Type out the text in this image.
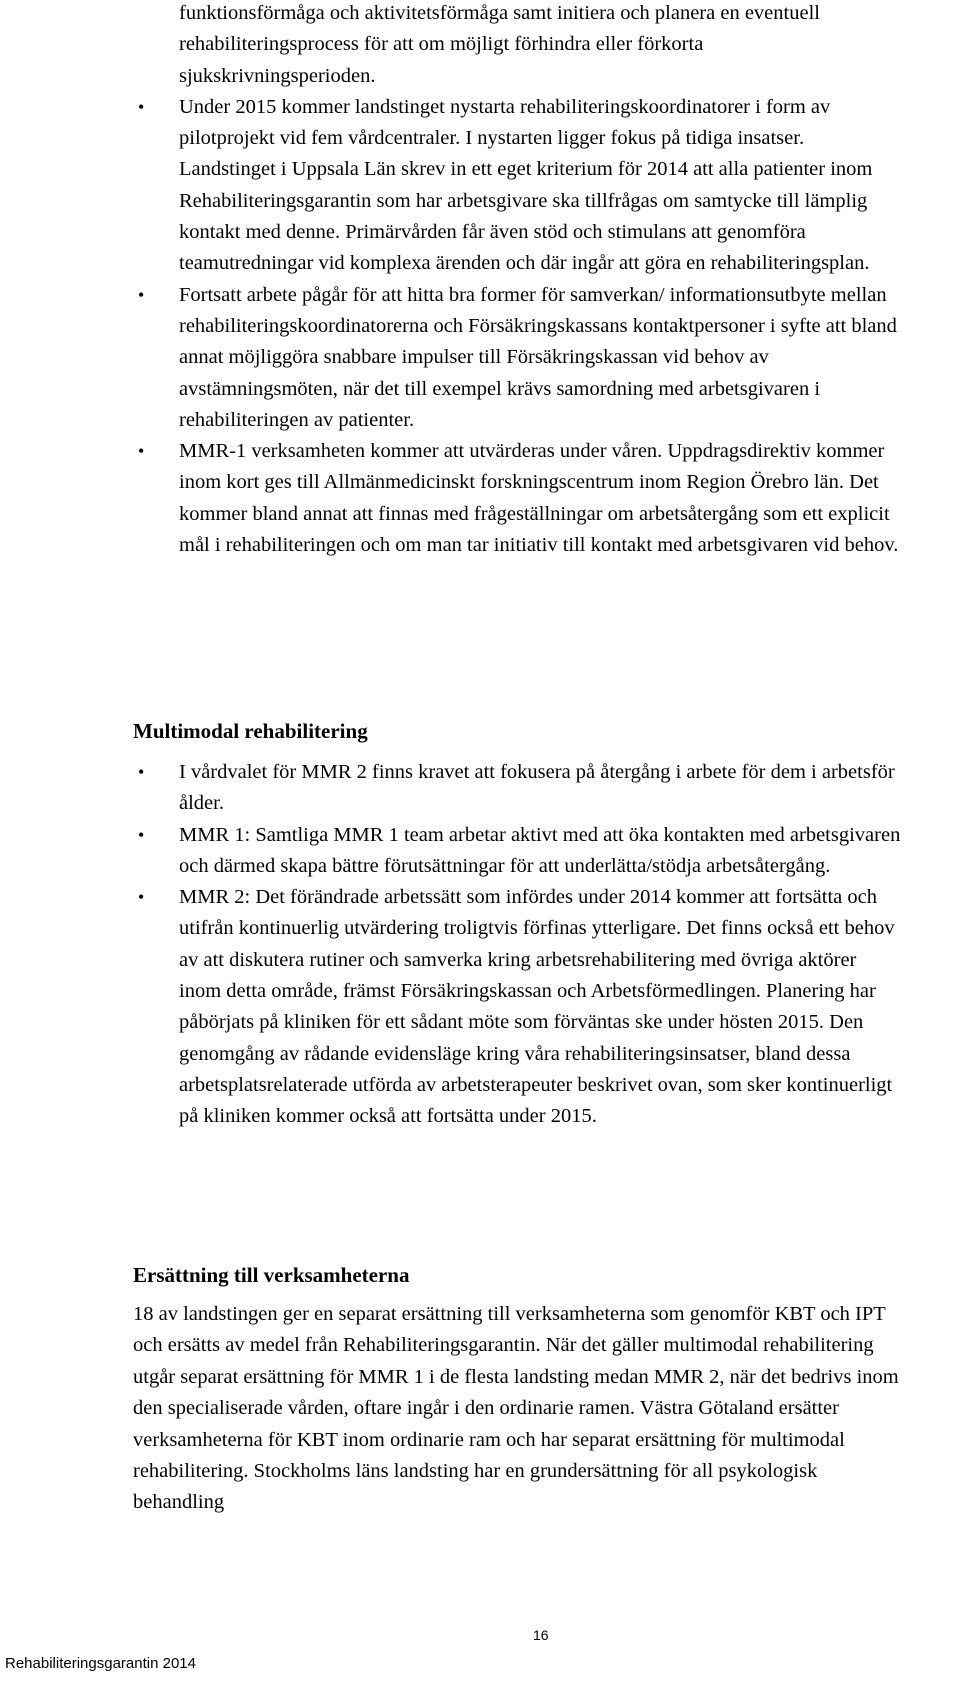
funktionsförmåga och aktivitetsförmåga samt initiera och planera en eventuell rehabiliteringsprocess för att om möjligt förhindra eller förkorta sjukskrivningsperioden.
• Under 2015 kommer landstinget nystarta rehabiliteringskoordinatorer i form av pilotprojekt vid fem vårdcentraler. I nystarten ligger fokus på tidiga insatser. Landstinget i Uppsala Län skrev in ett eget kriterium för 2014 att alla patienter inom Rehabiliteringsgarantin som har arbetsgivare ska tillfrågas om samtycke till lämplig kontakt med denne. Primärvården får även stöd och stimulans att genomföra teamutredningar vid komplexa ärenden och där ingår att göra en rehabiliteringsplan.
• Fortsatt arbete pågår för att hitta bra former för samverkan/ informationsutbyte mellan rehabiliteringskoordinatorerna och Försäkringskassans kontaktpersoner i syfte att bland annat möjliggöra snabbare impulser till Försäkringskassan vid behov av avstämningsmöten, när det till exempel krävs samordning med arbetsgivaren i rehabiliteringen av patienter.
• MMR-1 verksamheten kommer att utvärderas under våren. Uppdragsdirektiv kommer inom kort ges till Allmänmedicinskt forskningscentrum inom Region Örebro län. Det kommer bland annat att finnas med frågeställningar om arbetsåtergång som ett explicit mål i rehabiliteringen och om man tar initiativ till kontakt med arbetsgivaren vid behov.
Multimodal rehabilitering
• I vårdvalet för MMR 2 finns kravet att fokusera på återgång i arbete för dem i arbetsför ålder.
• MMR 1: Samtliga MMR 1 team arbetar aktivt med att öka kontakten med arbetsgivaren och därmed skapa bättre förutsättningar för att underlätta/stödja arbetsåtergång.
• MMR 2: Det förändrade arbetssätt som infördes under 2014 kommer att fortsätta och utifrån kontinuerlig utvärdering troligtvis förfinas ytterligare. Det finns också ett behov av att diskutera rutiner och samverka kring arbetsrehabilitering med övriga aktörer inom detta område, främst Försäkringskassan och Arbetsförmedlingen. Planering har påbörjats på kliniken för ett sådant möte som förväntas ske under hösten 2015. Den genomgång av rådande evidensläge kring våra rehabiliteringsinsatser, bland dessa arbetsplatsrelaterade utförda av arbetsterapeuter beskrivet ovan, som sker kontinuerligt på kliniken kommer också att fortsätta under 2015.
Ersättning till verksamheterna

18 av landstingen ger en separat ersättning till verksamheterna som genomför KBT och IPT och ersätts av medel från Rehabiliteringsgarantin. När det gäller multimodal rehabilitering utgår separat ersättning för MMR 1 i de flesta landsting medan MMR 2, när det bedrivs inom den specialiserade vården, oftare ingår i den ordinarie ramen. Västra Götaland ersätter verksamheterna för KBT inom ordinarie ram och har separat ersättning för multimodal rehabilitering. Stockholms läns landsting har en grundersättning för all psykologisk behandling

16
Rehabiliteringsgarantin 2014
